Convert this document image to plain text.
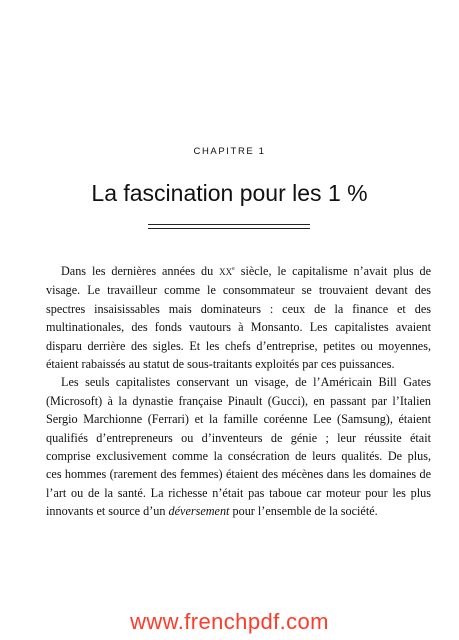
CHAPITRE 1
La fascination pour les 1 %
Dans les dernières années du XXe siècle, le capitalisme n’avait plus de
visage. Le travailleur comme le consommateur se trouvaient devant des
spectres insaisissables mais dominateurs : ceux de la finance et des
multinationales, des fonds vautours à Monsanto. Les capitalistes avaient
disparu derrière des sigles. Et les chefs d’entreprise, petites ou moyennes,
étaient rabaissés au statut de sous-traitants exploités par ces puissances.
Les seuls capitalistes conservant un visage, de l’Américain Bill Gates
(Microsoft) à la dynastie française Pinault (Gucci), en passant par l’Italien
Sergio Marchionne (Ferrari) et la famille coréenne Lee (Samsung), étaient
qualifiés d’entrepreneurs ou d’inventeurs de génie ; leur réussite était
comprise exclusivement comme la consécration de leurs qualités. De plus,
ces hommes (rarement des femmes) étaient des mécènes dans les domaines de
l’art ou de la santé. La richesse n’était pas taboue car moteur pour les plus
innovants et source d’un déversement pour l’ensemble de la société.
www.frenchpdf.com
